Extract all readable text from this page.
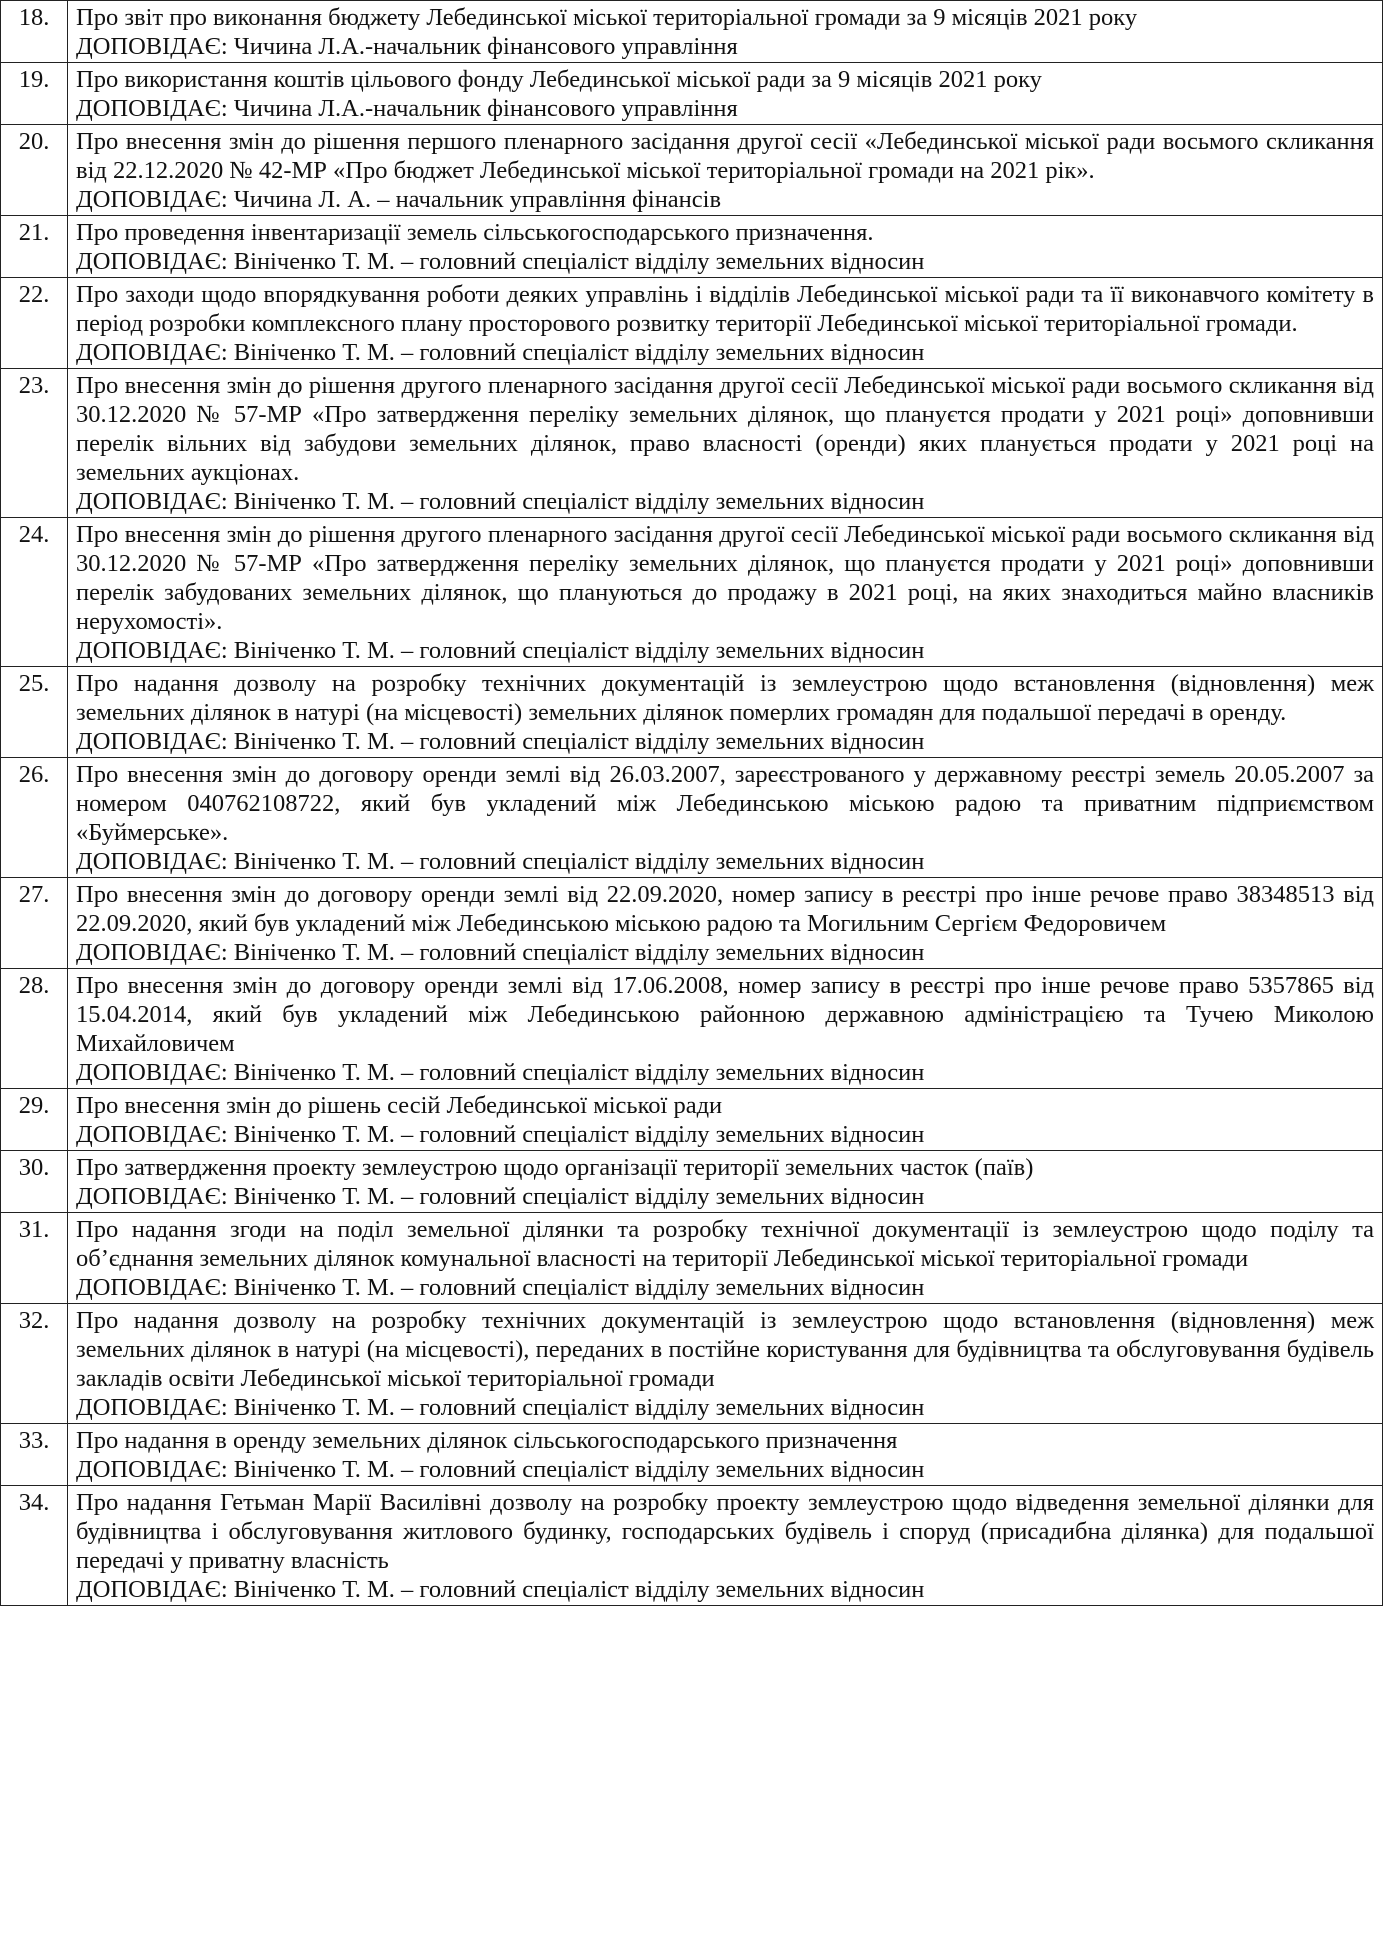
18.	Про звіт про виконання бюджету Лебединської міської територіальної громади за 9 місяців 2021 року
ДОПОВІДАЄ: Чичина Л.А.-начальник фінансового управління

19.	Про використання коштів цільового фонду Лебединської міської ради за 9 місяців 2021 року
ДОПОВІДАЄ: Чичина Л.А.-начальник фінансового управління

20.	Про внесення змін до рішення першого пленарного засідання другої сесії «Лебединської міської ради восьмого скликання від 22.12.2020 № 42-МР «Про бюджет Лебединської міської територіальної громади на 2021 рік».
ДОПОВІДАЄ: Чичина Л. А. – начальник управління фінансів

21.	Про проведення інвентаризації земель сільськогосподарського призначення.
ДОПОВІДАЄ: Вініченко Т. М. – головний спеціаліст відділу земельних відносин

22.	Про заходи щодо впорядкування роботи деяких управлінь і відділів Лебединської міської ради та її виконавчого комітету в період розробки комплексного плану просторового розвитку території Лебединської міської територіальної громади.
ДОПОВІДАЄ: Вініченко Т. М. – головний спеціаліст відділу земельних відносин

23.	Про внесення змін до рішення другого пленарного засідання другої сесії Лебединської міської ради восьмого скликання від 30.12.2020 № 57-МР «Про затвердження переліку земельних ділянок, що плануєтся продати у 2021 році» доповнивши перелік вільних від забудови земельних ділянок, право власності (оренди) яких планується продати у 2021 році на земельних аукціонах.
ДОПОВІДАЄ: Вініченко Т. М. – головний спеціаліст відділу земельних відносин

24.	Про внесення змін до рішення другого пленарного засідання другої сесії Лебединської міської ради восьмого скликання від 30.12.2020 № 57-МР «Про затвердження переліку земельних ділянок, що плануєтся продати у 2021 році» доповнивши перелік забудованих земельних ділянок, що плануються до продажу в 2021 році, на яких знаходиться майно власників нерухомості».
ДОПОВІДАЄ: Вініченко Т. М. – головний спеціаліст відділу земельних відносин

25.	Про надання дозволу на розробку технічних документацій із землеустрою щодо встановлення (відновлення) меж земельних ділянок в натурі (на місцевості) земельних ділянок померлих громадян для подальшої передачі в оренду.
ДОПОВІДАЄ: Вініченко Т. М. – головний спеціаліст відділу земельних відносин

26.	Про внесення змін до договору оренди землі від 26.03.2007, зареєстрованого у державному реєстрі земель 20.05.2007 за номером 040762108722, який був укладений між Лебединською міською радою та приватним підприємством «Буймерське».
ДОПОВІДАЄ: Вініченко Т. М. – головний спеціаліст відділу земельних відносин

27.	Про внесення змін до договору оренди землі від 22.09.2020, номер запису в реєстрі про інше речове право 38348513 від 22.09.2020, який був укладений між Лебединською міською радою та Могильним Сергієм Федоровичем
ДОПОВІДАЄ: Вініченко Т. М. – головний спеціаліст відділу земельних відносин

28.	Про внесення змін до договору оренди землі від 17.06.2008, номер запису в реєстрі про інше речове право 5357865 від 15.04.2014, який був укладений між Лебединською районною державною адміністрацією та Тучею Миколою Михайловичем
ДОПОВІДАЄ: Вініченко Т. М. – головний спеціаліст відділу земельних відносин

29.	Про внесення змін до рішень сесій Лебединської міської ради
ДОПОВІДАЄ: Вініченко Т. М. – головний спеціаліст відділу земельних відносин

30.	Про затвердження проекту землеустрою щодо організації території земельних часток (паїв)
ДОПОВІДАЄ: Вініченко Т. М. – головний спеціаліст відділу земельних відносин

31.	Про надання згоди на поділ земельної ділянки та розробку технічної документації із землеустрою щодо поділу та об’єднання земельних ділянок комунальної власності на території Лебединської міської територіальної громади
ДОПОВІДАЄ: Вініченко Т. М. – головний спеціаліст відділу земельних відносин

32.	Про надання дозволу на розробку технічних документацій із землеустрою щодо встановлення (відновлення) меж земельних ділянок в натурі (на місцевості), переданих в постійне користування для будівництва та обслуговування будівель закладів освіти Лебединської міської територіальної громади
ДОПОВІДАЄ: Вініченко Т. М. – головний спеціаліст відділу земельних відносин

33.	Про надання в оренду земельних ділянок сільськогосподарського призначення
ДОПОВІДАЄ: Вініченко Т. М. – головний спеціаліст відділу земельних відносин

34.	Про надання Гетьман Марії Василівні дозволу на розробку проекту землеустрою щодо відведення земельної ділянки для будівництва і обслуговування житлового будинку, господарських будівель і споруд (присадибна ділянка) для подальшої передачі у приватну власність
ДОПОВІДАЄ: Вініченко Т. М. – головний спеціаліст відділу земельних відносин
